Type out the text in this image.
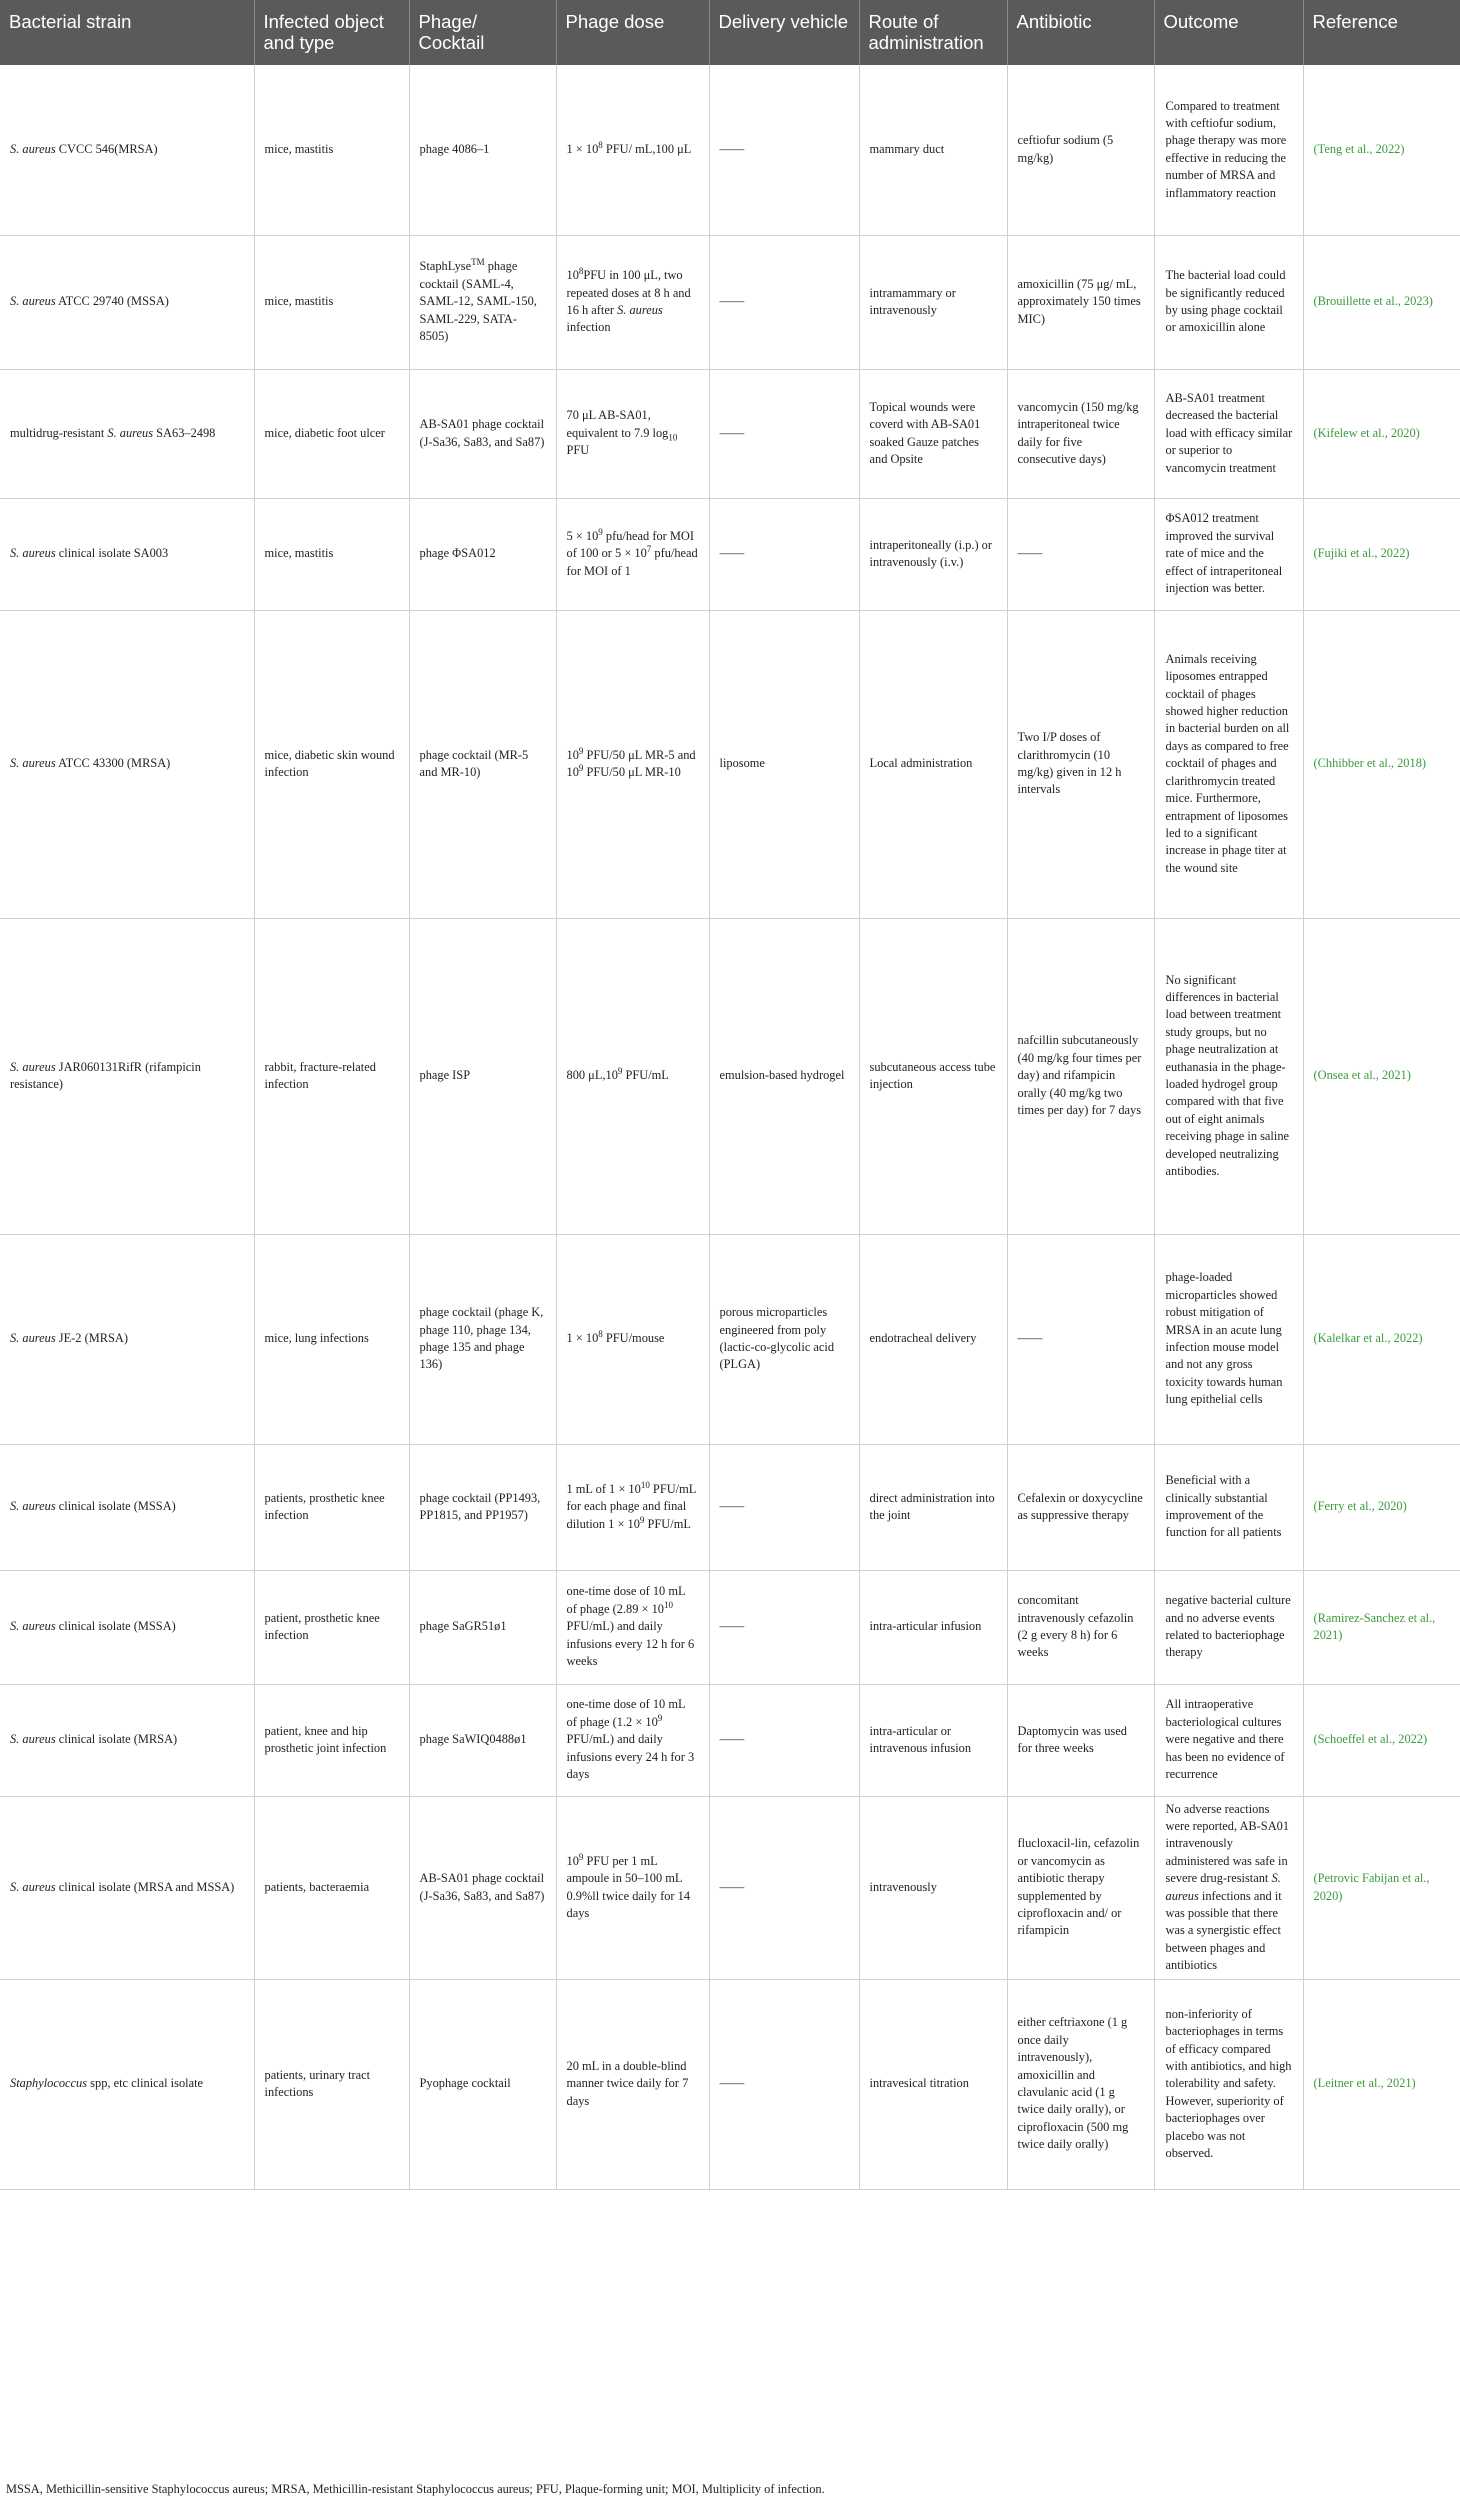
Bacterial strain	Infected object and type	Phage/ Cocktail	Phage dose	Delivery vehicle	Route of administration	Antibiotic	Outcome	Reference
S. aureus CVCC 546(MRSA)	mice, mastitis	phage 4086–1	$1 \times 10^8$ PFU/ mL,100 μL	——	mammary duct	ceftiofur sodium (5 mg/kg)	Compared to treatment with ceftiofur sodium, phage therapy was more effective in reducing the number of MRSA and inflammatory reaction	(Teng et al., 2022)
S. aureus ATCC 29740 (MSSA)	mice, mastitis	StaphLyse™ phage cocktail (SAML-4, SAML-12, SAML-150, SAML-229, SATA-8505)	$10^8PFU$ in 100 μL, two repeated doses at 8 h and 16 h after S. aureus infection	——	intramammary or intravenously	amoxicillin (75 μg/ mL, approximately 150 times MIC)	The bacterial load could be significantly reduced by using phage cocktail or amoxicillin alone	(Brouillette et al., 2023)
multidrug-resistant S. aureus SA63–2498	mice, diabetic foot ulcer	AB-SA01 phage cocktail (J-Sa36, Sa83, and Sa87)	70 μL AB-SA01, equivalent to 7.9 $\log_{10}$ PFU	——	Topical wounds were coverd with AB-SA01 soaked Gauze patches and Opsite	vancomycin (150 mg/kg intraperitoneal twice daily for five consecutive days)	AB-SA01 treatment decreased the bacterial load with efficacy similar or superior to vancomycin treatment	(Kifelew et al., 2020)
S. aureus clinical isolate SA003	mice, mastitis	phage ΦSA012	$5 \times 10^9$ pfu/head for MOI of 100 or $5 \times 10^7$ pfu/head for MOI of 1	——	intraperitoneally (i.p.) or intravenously (i.v.)	——	ΦSA012 treatment improved the survival rate of mice and the effect of intraperitoneal injection was better.	(Fujiki et al., 2022)
S. aureus ATCC 43300 (MRSA)	mice, diabetic skin wound infection	phage cocktail (MR-5 and MR-10)	$10^9$ PFU/50 μL MR-5 and $10^9$ PFU/50 μL MR-10	liposome	Local administration	Two I/P doses of clarithromycin (10 mg/kg) given in 12 h intervals	Animals receiving liposomes entrapped cocktail of phages showed higher reduction in bacterial burden on all days as compared to free cocktail of phages and clarithromycin treated mice. Furthermore, entrapment of liposomes led to a significant increase in phage titer at the wound site	(Chhibber et al., 2018)
S. aureus JAR060131RifR (rifampicin resistance)	rabbit, fracture-related infection	phage ISP	800 $\mu L,10^9$ PFU/mL	emulsion-based hydrogel	subcutaneous access tube injection	nafcillin subcutaneously (40 mg/kg four times per day) and rifampicin orally (40 mg/kg two times per day) for 7 days	No significant differences in bacterial load between treatment study groups, but no phage neutralization at euthanasia in the phage-loaded hydrogel group compared with that five out of eight animals receiving phage in saline developed neutralizing antibodies.	(Onsea et al., 2021)
S. aureus JE-2 (MRSA)	mice, lung infections	phage cocktail (phage K, phage 110, phage 134, phage 135 and phage 136)	$1 \times 10^8$ PFU/mouse	porous microparticles engineered from poly (lactic-co-glycolic acid (PLGA)	endotracheal delivery	——	phage-loaded microparticles showed robust mitigation of MRSA in an acute lung infection mouse model and not any gross toxicity towards human lung epithelial cells	(Kalelkar et al., 2022)
S. aureus clinical isolate (MSSA)	patients, prosthetic knee infection	phage cocktail (PP1493, PP1815, and PP1957)	1 mL of $1 \times 10^{10}$ PFU/mL for each phage and final dilution $1 \times 10^9$ PFU/mL	——	direct administration into the joint	Cefalexin or doxycycline as suppressive therapy	Beneficial with a clinically substantial improvement of the function for all patients	(Ferry et al., 2020)
S. aureus clinical isolate (MSSA)	patient, prosthetic knee infection	phage SaGR51ø1	one-time dose of 10 mL of phage ($2.89 \times 10^{10}$ PFU/mL) and daily infusions every 12 h for 6 weeks	——	intra-articular infusion	concomitant intravenously cefazolin (2 g every 8 h) for 6 weeks	negative bacterial culture and no adverse events related to bacteriophage therapy	(Ramirez-Sanchez et al., 2021)
S. aureus clinical isolate (MRSA)	patient, knee and hip prosthetic joint infection	phage SaWIQ0488ø1	one-time dose of 10 mL of phage ($1.2 \times 10^9$ PFU/mL) and daily infusions every 24 h for 3 days	——	intra-articular or intravenous infusion	Daptomycin was used for three weeks	All intraoperative bacteriological cultures were negative and there has been no evidence of recurrence	(Schoeffel et al., 2022)
S. aureus clinical isolate (MRSA and MSSA)	patients, bacteraemia	AB-SA01 phage cocktail (J-Sa36, Sa83, and Sa87)	$10^9$ PFU per 1 mL ampoule in 50–100 mL 0.9%ll twice daily for 14 days	——	intravenously	flucloxacil-lin, cefazolin or vancomycin as antibiotic therapy supplemented by ciprofloxacin and/ or rifampicin	No adverse reactions were reported, AB-SA01 intravenously administered was safe in severe drug-resistant S. aureus infections and it was possible that there was a synergistic effect between phages and antibiotics	(Petrovic Fabijan et al., 2020)
Staphylococcus spp, etc clinical isolate	patients, urinary tract infections	Pyophage cocktail	20 mL in a double-blind manner twice daily for 7 days	——	intravesical titration	either ceftriaxone (1 g once daily intravenously), amoxicillin and clavulanic acid (1 g twice daily orally), or ciprofloxacin (500 mg twice daily orally)	non-inferiority of bacteriophages in terms of efficacy compared with antibiotics, and high tolerability and safety. However, superiority of bacteriophages over placebo was not observed.	(Leitner et al., 2021)
MSSA, Methicillin-sensitive Staphylococcus aureus; MRSA, Methicillin-resistant Staphylococcus aureus; PFU, Plaque-forming unit; MOI, Multiplicity of infection.
